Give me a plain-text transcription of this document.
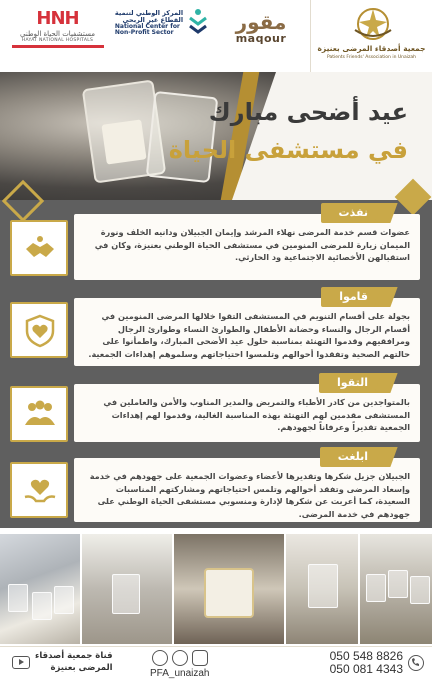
HNH
مستشفيات الحياة الوطني
HAYAT NATIONAL HOSPITALS
المركز الوطني لتنمية
القطاع غير الربحي
National Center for
Non-Profit Sector	مقور
maqour
جمعية أصدقاء المرضى بعنيزة
Patients Friends' Association in Unaizah
عيد أضحى مبارك
في مستشفى الحياة
نفذت
عضوات قسم خدمة المرضى نهلاء المرشد وإيمان الجبيلان ودانيه الخلف ونورة الميمان زيارة للمرضى المنومين في مستشفى الحياة الوطني بعنيزة، وكان في استقبالهن الأخصائية الاجتماعية ود الحارثي.
قاموا
بجولة على أقسام التنويم في المستشفى التقوا خلالها المرضى المنومين في أقسام الرجال والنساء وحضانة الأطفال والطوارئ النساء وطوارئ الرجال ومرافقيهم وقدموا التهنئة بمناسبة حلول عيد الأضحى المبارك، واطمأنوا على حالتهم الصحية وتفقدوا أحوالهم وتلمسوا احتياجاتهم وسلموهم إهداءات الجمعية.
التقوا
بالمتواجدين من كادر الأطباء والتمريض والمدير المناوب والأمن والعاملين في المستشفى مقدمين لهم التهنئة بهذه المناسبة الغالية، وقدموا لهم إهداءات الجمعية تقديراً وعرفاناً لجهودهم.
ابلغت
الجبيلان جزيل شكرها وتقديرها لأعضاء وعضوات الجمعية على جهودهم في خدمة وإسعاد المرضى وتفقد أحوالهم وتلمس احتياجاتهم ومشاركتهم المناسبات السعيدة، كما أعربت عن شكرها لإدارة ومنسوبي مستشفى الحياة الوطني على جهودهم في خدمة المرضى.
050 548 8826
050 081 4343
PFA_unaizah
قناة جمعية أصدقاء
المرضى بعنيزة
